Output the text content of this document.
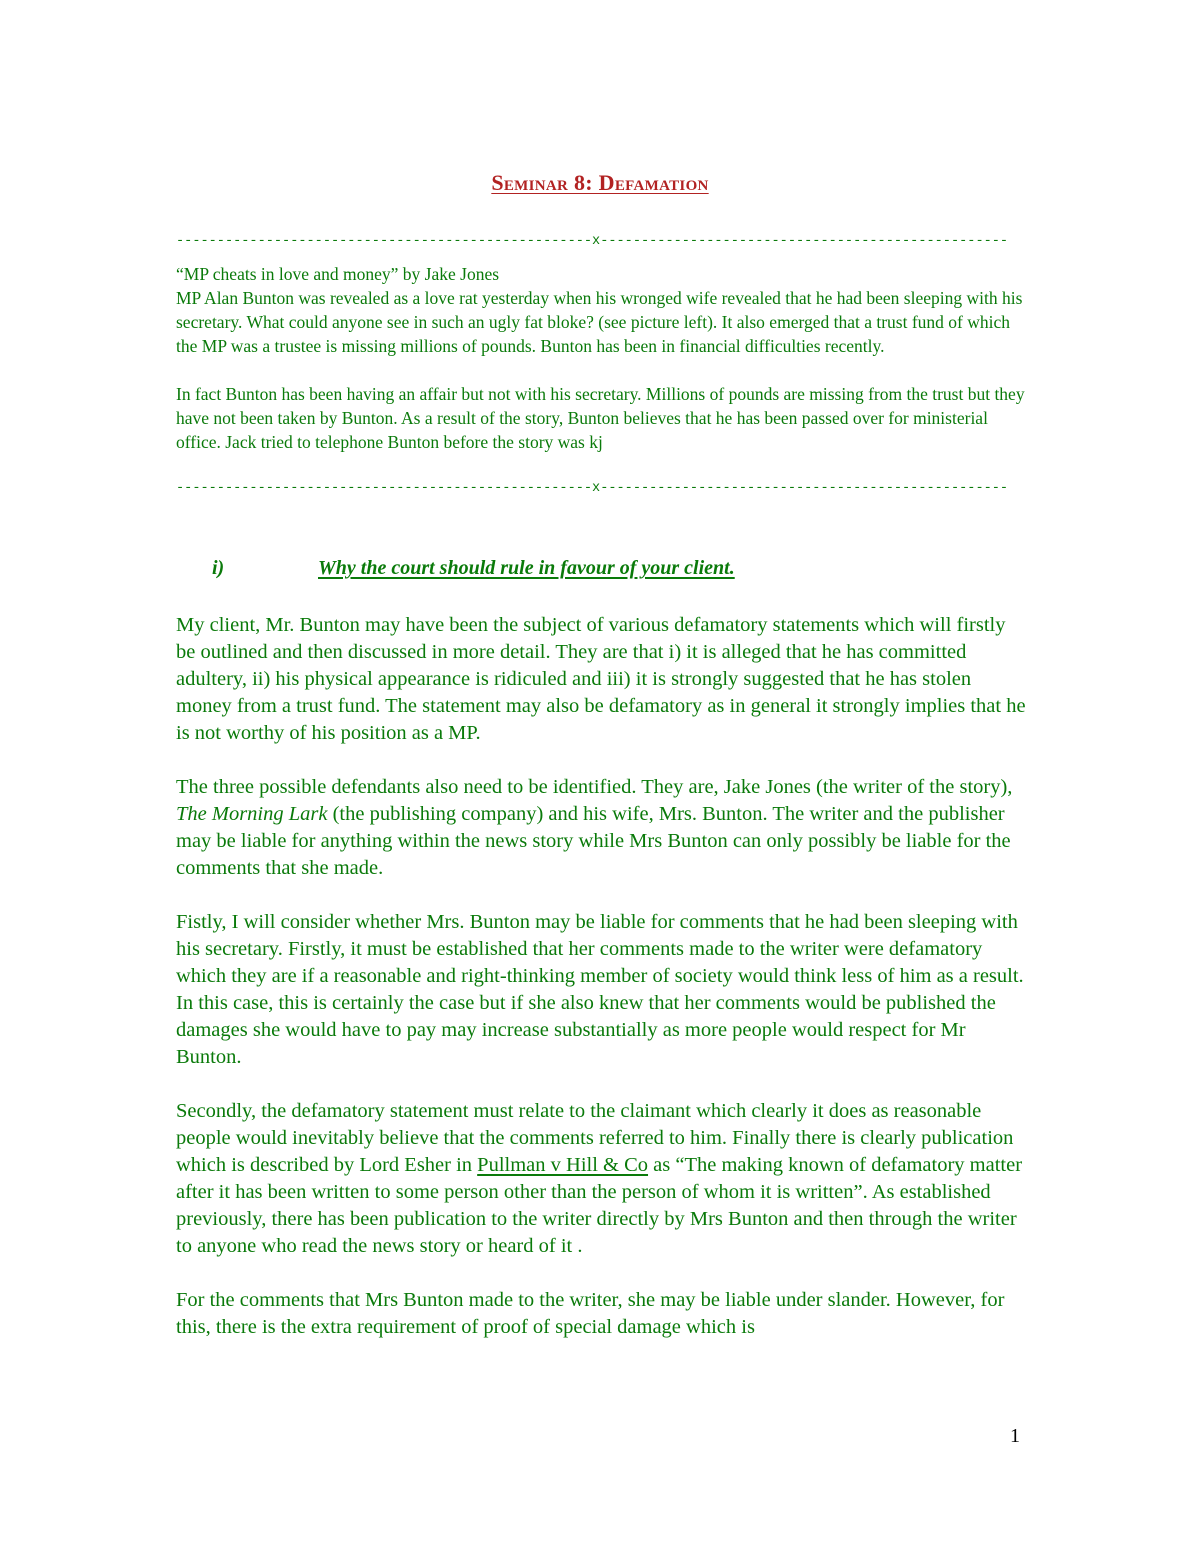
Seminar 8: Defamation
---------------------------------------------------x--------------------------------------------------

“MP cheats in love and money” by Jake Jones

MP Alan Bunton was revealed as a love rat yesterday when his wronged wife revealed that he had been sleeping with his secretary. What could anyone see in such an ugly fat bloke? (see picture left). It also emerged that a trust fund of which the MP was a trustee is missing millions of pounds. Bunton has been in financial difficulties recently.

In fact Bunton has been having an affair but not with his secretary. Millions of pounds are missing from the trust but they have not been taken by Bunton. As a result of the story, Bunton believes that he has been passed over for ministerial office. Jack tried to telephone Bunton before the story was kj

---------------------------------------------------x--------------------------------------------------
i)	Why the court should rule in favour of your client.

My client, Mr. Bunton may have been the subject of various defamatory statements which will firstly be outlined and then discussed in more detail. They are that i) it is alleged that he has committed adultery, ii) his physical appearance is ridiculed and iii) it is strongly suggested that he has stolen money from a trust fund. The statement may also be defamatory as in general it strongly implies that he is not worthy of his position as a MP.

The three possible defendants also need to be identified. They are, Jake Jones (the writer of the story), The Morning Lark (the publishing company) and his wife, Mrs. Bunton. The writer and the publisher may be liable for anything within the news story while Mrs Bunton can only possibly be liable for the comments that she made.

Fistly, I will consider whether Mrs. Bunton may be liable for comments that he had been sleeping with his secretary. Firstly, it must be established that her comments made to the writer were defamatory which they are if a reasonable and right-thinking member of society would think less of him as a result. In this case, this is certainly the case but if she also knew that her comments would be published the damages she would have to pay may increase substantially as more people would respect for Mr Bunton.

Secondly, the defamatory statement must relate to the claimant which clearly it does as reasonable people would inevitably believe that the comments referred to him. Finally there is clearly publication which is described by Lord Esher in Pullman v Hill & Co as “The making known of defamatory matter after it has been written to some person other than the person of whom it is written”. As established previously, there has been publication to the writer directly by Mrs Bunton and then through the writer to anyone who read the news story or heard of it .

For the comments that Mrs Bunton made to the writer, she may be liable under slander. However, for this, there is the extra requirement of proof of special damage which is

1
